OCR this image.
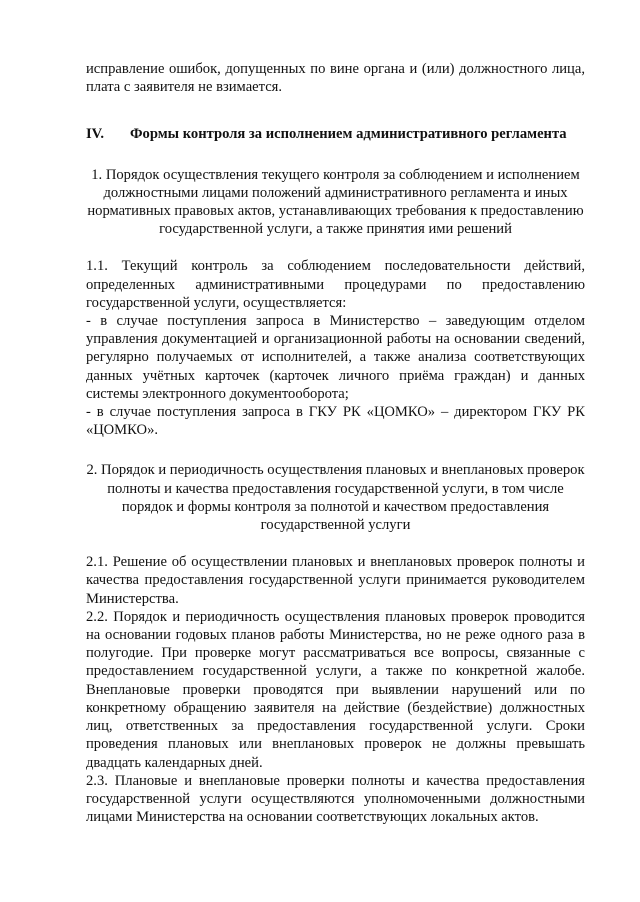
исправление ошибок, допущенных по вине органа и (или) должностного лица, плата с заявителя не взимается.

IV.	Формы контроля за исполнением административного регламента

1. Порядок осуществления текущего контроля за соблюдением и исполнением должностными лицами положений административного регламента и иных нормативных правовых актов, устанавливающих требования к предоставлению государственной услуги, а также принятия ими решений

1.1. Текущий контроль за соблюдением последовательности действий, определенных административными процедурами по предоставлению государственной услуги, осуществляется:

- в случае поступления запроса в Министерство – заведующим отделом управления документацией и организационной работы на основании сведений, регулярно получаемых от исполнителей, а также анализа соответствующих данных учётных карточек (карточек личного приёма граждан) и данных системы электронного документооборота;

- в случае поступления запроса в ГКУ РК «ЦОМКО» – директором ГКУ РК «ЦОМКО».

2. Порядок и периодичность осуществления плановых и внеплановых проверок полноты и качества предоставления государственной услуги, в том числе порядок и формы контроля за полнотой и качеством предоставления государственной услуги

2.1. Решение об осуществлении плановых и внеплановых проверок полноты и качества предоставления государственной услуги принимается руководителем Министерства.

2.2. Порядок и периодичность осуществления плановых проверок проводится на основании годовых планов работы Министерства, но не реже одного раза в полугодие. При проверке могут рассматриваться все вопросы, связанные с предоставлением государственной услуги, а также по конкретной жалобе. Внеплановые проверки проводятся при выявлении нарушений или по конкретному обращению заявителя на действие (бездействие) должностных лиц, ответственных за предоставления государственной услуги. Сроки проведения плановых или внеплановых проверок не должны превышать двадцать календарных дней.

2.3. Плановые и внеплановые проверки полноты и качества предоставления государственной услуги осуществляются уполномоченными должностными лицами Министерства на основании соответствующих локальных актов.
